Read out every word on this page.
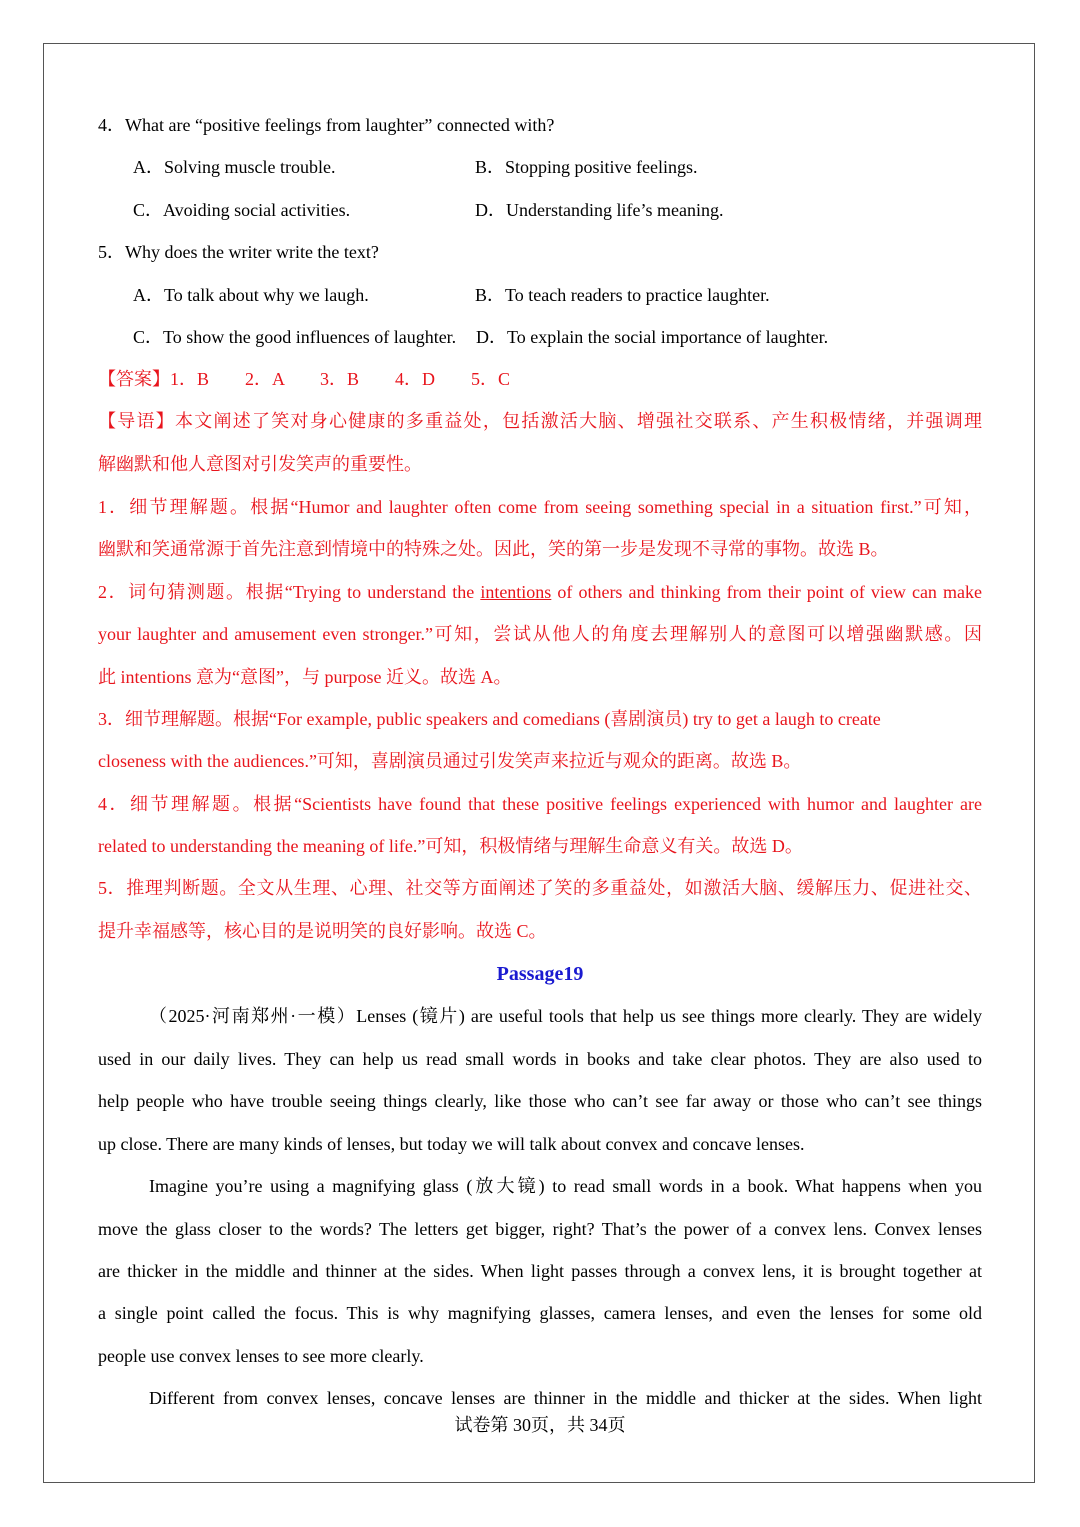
4．What are “positive feelings from laughter” connected with?
A．Solving muscle trouble.	B．Stopping positive feelings.
C．Avoiding social activities.	D．Understanding life’s meaning.
5．Why does the writer write the text?
A．To talk about why we laugh.	B．To teach readers to practice laughter.
C．To show the good influences of laughter. D．To explain the social importance of laughter.
【答案】1．B　　2．A　　3．B　　4．D　　5．C
【导语】本文阐述了笑对身心健康的多重益处，包括激活大脑、增强社交联系、产生积极情绪，并强调理
解幽默和他人意图对引发笑声的重要性。
1．细节理解题。根据“Humor and laughter often come from seeing something special in a situation first.”可知，
幽默和笑通常源于首先注意到情境中的特殊之处。因此，笑的第一步是发现不寻常的事物。故选 B。
2．词句猜测题。根据“Trying to understand the intentions of others and thinking from their point of view can make
your laughter and amusement even stronger.”可知，尝试从他人的角度去理解别人的意图可以增强幽默感。因
此 intentions 意为“意图”，与 purpose 近义。故选 A。
3．细节理解题。根据“For example, public speakers and comedians (喜剧演员) try to get a laugh to create
closeness with the audiences.”可知，喜剧演员通过引发笑声来拉近与观众的距离。故选 B。
4．细节理解题。根据“Scientists have found that these positive feelings experienced with humor and laughter are
related to understanding the meaning of life.”可知，积极情绪与理解生命意义有关。故选 D。
5．推理判断题。全文从生理、心理、社交等方面阐述了笑的多重益处，如激活大脑、缓解压力、促进社交、
提升幸福感等，核心目的是说明笑的良好影响。故选 C。
Passage19
（2025·河南郑州·一模）Lenses (镜片) are useful tools that help us see things more clearly. They are widely
used in our daily lives. They can help us read small words in books and take clear photos. They are also used to
help people who have trouble seeing things clearly, like those who can’t see far away or those who can’t see things
up close. There are many kinds of lenses, but today we will talk about convex and concave lenses.
Imagine you’re using a magnifying glass (放大镜) to read small words in a book. What happens when you
move the glass closer to the words? The letters get bigger, right? That’s the power of a convex lens. Convex lenses
are thicker in the middle and thinner at the sides. When light passes through a convex lens, it is brought together at
a single point called the focus. This is why magnifying glasses, camera lenses, and even the lenses for some old
people use convex lenses to see more clearly.
Different from convex lenses, concave lenses are thinner in the middle and thicker at the sides. When light
试卷第 30页，共 34页
